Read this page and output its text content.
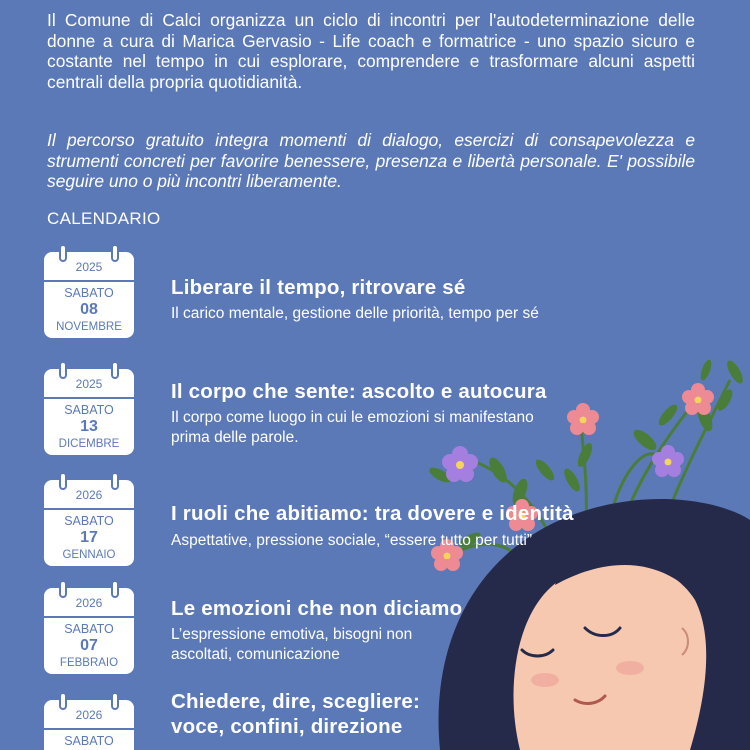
Il Comune di Calci organizza un ciclo di incontri per l'autodeterminazione delle donne a cura di Marica Gervasio - Life coach e formatrice - uno spazio sicuro e costante nel tempo in cui esplorare, comprendere e trasformare alcuni aspetti centrali della propria quotidianità.

Il percorso gratuito integra momenti di dialogo, esercizi di consapevolezza e strumenti concreti per favorire benessere, presenza e libertà personale. E' possibile seguire uno o più incontri liberamente.

CALENDARIO

2025
SABATO
08
NOVEMBRE

Liberare il tempo, ritrovare sé

Il carico mentale, gestione delle priorità, tempo per sé

2025
SABATO
13
DICEMBRE

Il corpo che sente: ascolto e autocura

Il corpo come luogo in cui le emozioni si manifestano

prima delle parole.

2026
SABATO
17
GENNAIO

I ruoli che abitiamo: tra dovere e identità

Aspettative, pressione sociale, “essere tutto per tutti”

2026
SABATO
07
FEBBRAIO

Le emozioni che non diciamo

L’espressione emotiva, bisogni non

ascoltati, comunicazione

2026
SABATO

Chiedere, dire, scegliere:

voce, confini, direzione
